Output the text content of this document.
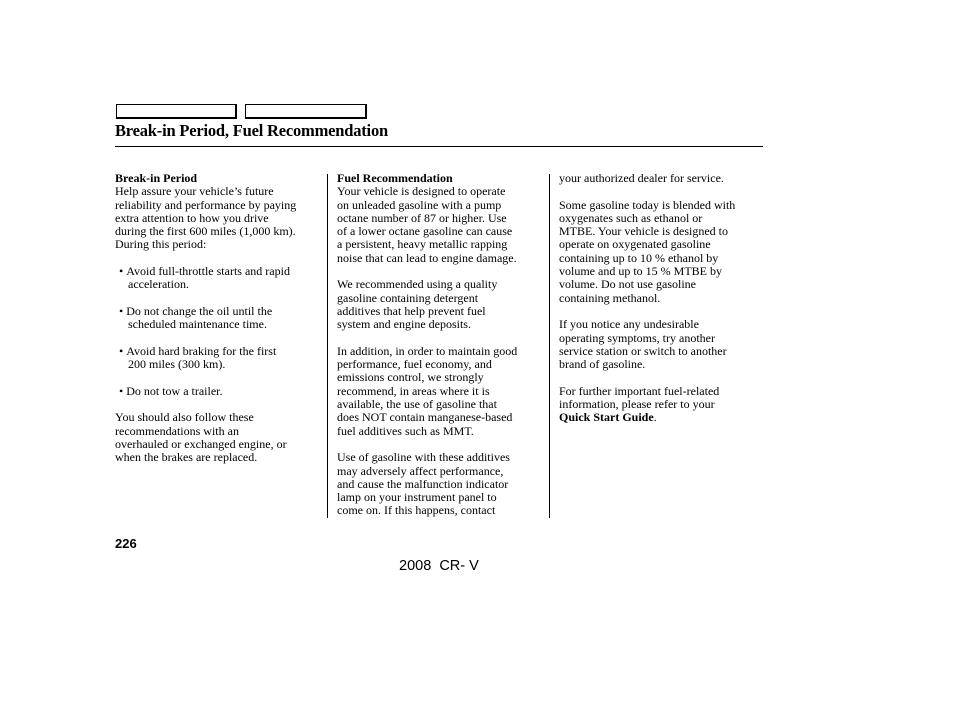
Break-in Period, Fuel Recommendation

Break-in Period

Help assure your vehicle’s future
reliability and performance by paying
extra attention to how you drive
during the first 600 miles (1,000 km).
During this period:

• Avoid full-throttle starts and rapid
acceleration.

• Do not change the oil until the
scheduled maintenance time.

• Avoid hard braking for the first
200 miles (300 km).

• Do not tow a trailer.

You should also follow these
recommendations with an
overhauled or exchanged engine, or
when the brakes are replaced.

Fuel Recommendation

Your vehicle is designed to operate
on unleaded gasoline with a pump
octane number of 87 or higher. Use
of a lower octane gasoline can cause
a persistent, heavy metallic rapping
noise that can lead to engine damage.

We recommended using a quality
gasoline containing detergent
additives that help prevent fuel
system and engine deposits.

In addition, in order to maintain good
performance, fuel economy, and
emissions control, we strongly
recommend, in areas where it is
available, the use of gasoline that
does NOT contain manganese-based
fuel additives such as MMT.

Use of gasoline with these additives
may adversely affect performance,
and cause the malfunction indicator
lamp on your instrument panel to
come on. If this happens, contact

your authorized dealer for service.

Some gasoline today is blended with
oxygenates such as ethanol or
MTBE. Your vehicle is designed to
operate on oxygenated gasoline
containing up to 10 % ethanol by
volume and up to 15 % MTBE by
volume. Do not use gasoline
containing methanol.

If you notice any undesirable
operating symptoms, try another
service station or switch to another
brand of gasoline.

For further important fuel-related
information, please refer to your
Quick Start Guide.

226
2008  CR- V
